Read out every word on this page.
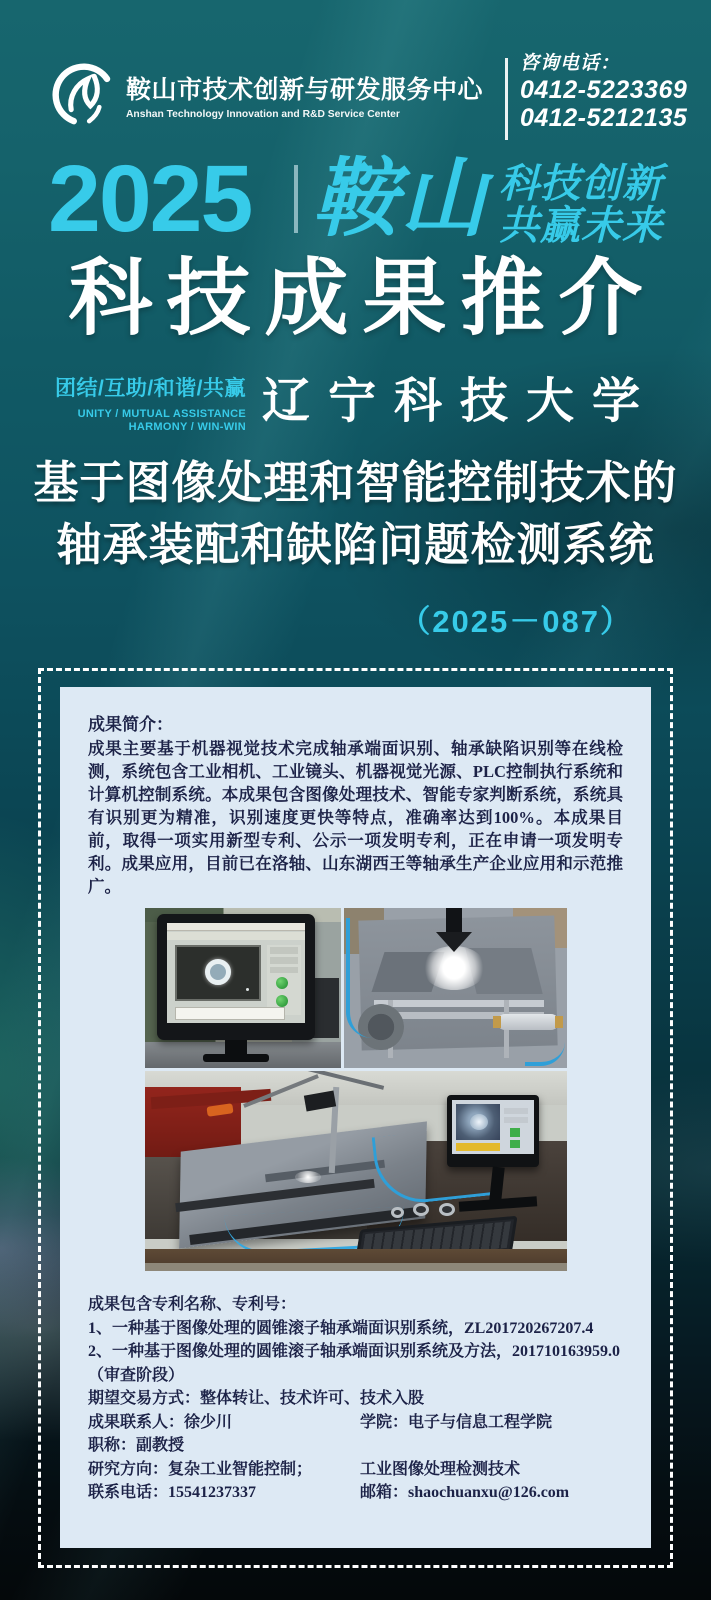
鞍山市技术创新与研发服务中心
Anshan Technology Innovation and R&D Service Center
咨询电话：
0412-5223369
0412-5212135
2025 鞍山 科技创新
共赢未来
科技成果推介
团结/互助/和谐/共赢
UNITY / MUTUAL ASSISTANCE
HARMONY / WIN-WIN 辽宁科技大学
基于图像处理和智能控制技术的
轴承装配和缺陷问题检测系统
（2025－087）

成果简介：

成果主要基于机器视觉技术完成轴承端面识别、轴承缺陷识别等在线检测，系统包含工业相机、工业镜头、机器视觉光源、PLC控制执行系统和计算机控制系统。本成果包含图像处理技术、智能专家判断系统，系统具有识别更为精准，识别速度更快等特点，准确率达到100%。本成果目前，取得一项实用新型专利、公示一项发明专利，正在申请一项发明专利。成果应用，目前已在洛轴、山东湖西王等轴承生产企业应用和示范推广。

成果包含专利名称、专利号：

1、一种基于图像处理的圆锥滚子轴承端面识别系统，ZL201720267207.4

2、一种基于图像处理的圆锥滚子轴承端面识别系统及方法，201710163959.0（审查阶段）

期望交易方式：整体转让、技术许可、技术入股

成果联系人：徐少川	学院：电子与信息工程学院

职称：副教授

研究方向：复杂工业智能控制；	工业图像处理检测技术

联系电话：15541237337	邮箱：shaochuanxu@126.com
